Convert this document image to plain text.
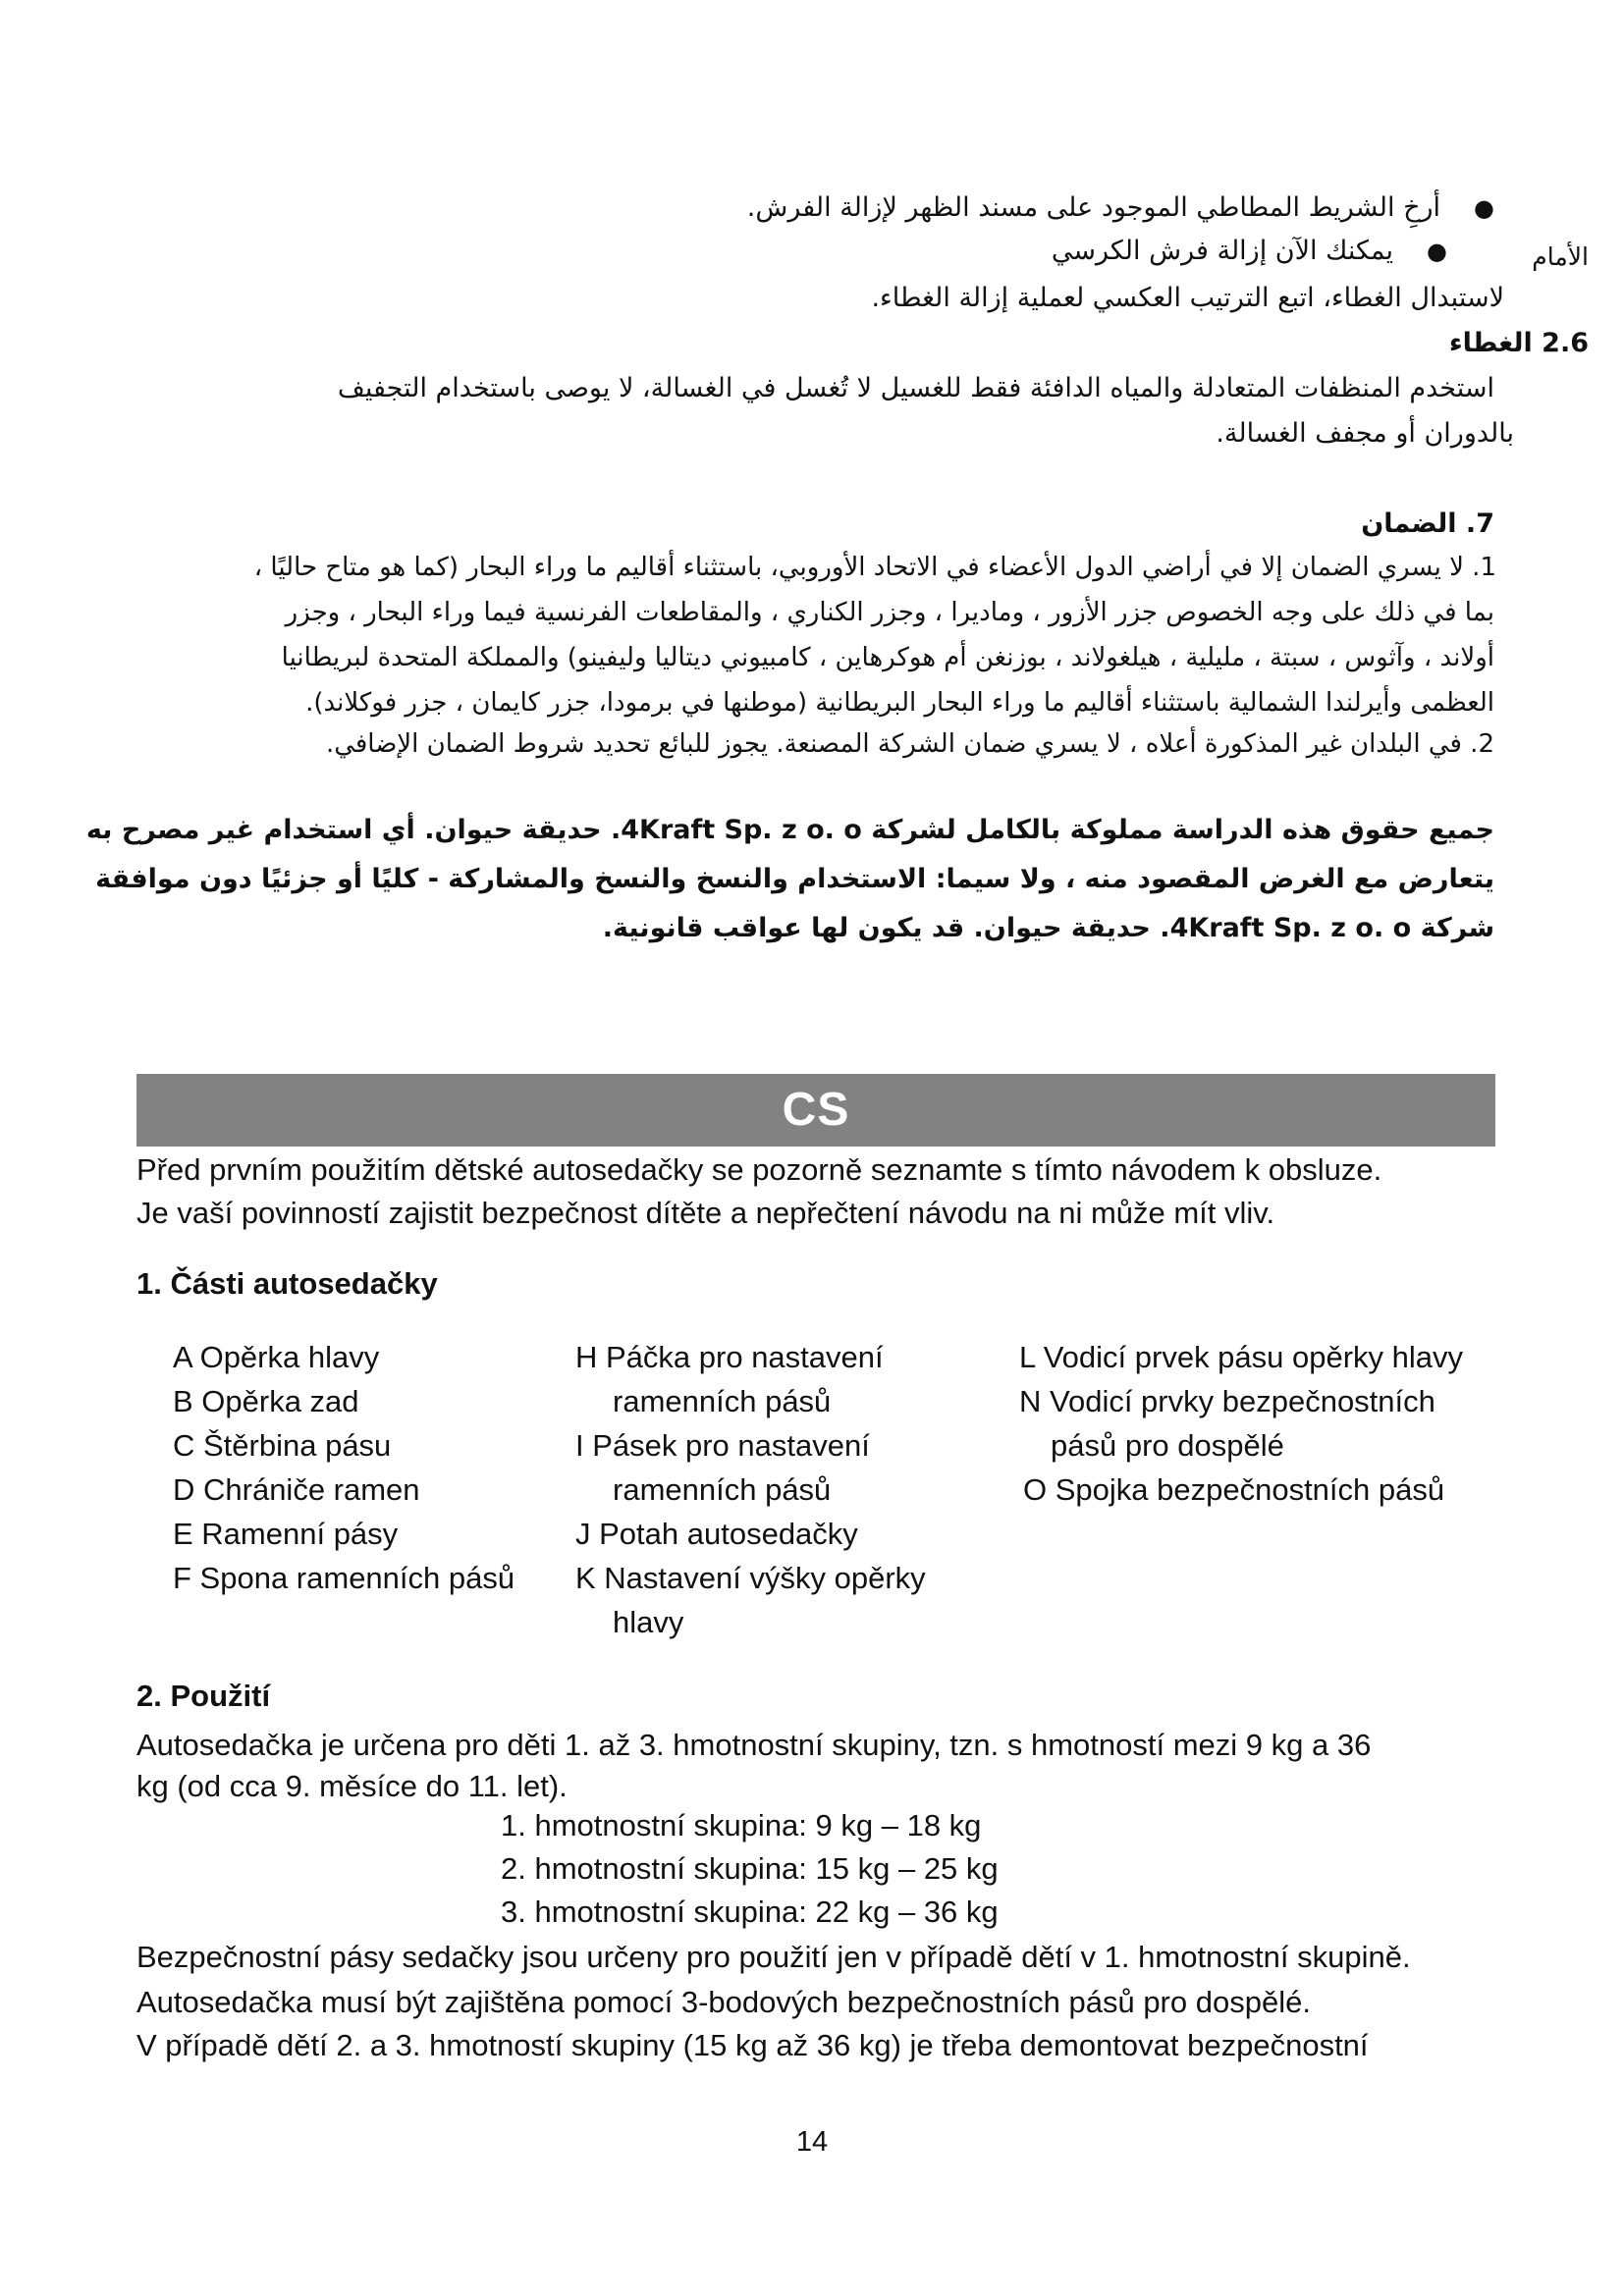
●أرخِ الشريط المطاطي الموجود على مسند الظهر لإزالة الفرش.
●يمكنك الآن إزالة فرش الكرسي	الأمام
لاستبدال الغطاء، اتبع الترتيب العكسي لعملية إزالة الغطاء.
2.6 الغطاء
استخدم المنظفات المتعادلة والمياه الدافئة فقط للغسيل لا تُغسل في الغسالة، لا يوصى باستخدام التجفيف
بالدوران أو مجفف الغسالة.
7. الضمان
1. لا يسري الضمان إلا في أراضي الدول الأعضاء في الاتحاد الأوروبي، باستثناء أقاليم ما وراء البحار (كما هو متاح حاليًا ،
بما في ذلك على وجه الخصوص جزر الأزور ، وماديرا ، وجزر الكناري ، والمقاطعات الفرنسية فيما وراء البحار ، وجزر
أولاند ، وآثوس ، سبتة ، مليلية ، هيلغولاند ، بوزنغن أم هوكرهاين ، كامبيوني ديتاليا وليفينو) والمملكة المتحدة لبريطانيا
العظمى وأيرلندا الشمالية باستثناء أقاليم ما وراء البحار البريطانية (موطنها في برمودا، جزر كايمان ، جزر فوكلاند).
2. في البلدان غير المذكورة أعلاه ، لا يسري ضمان الشركة المصنعة. يجوز للبائع تحديد شروط الضمان الإضافي.
جميع حقوق هذه الدراسة مملوكة بالكامل لشركة 4Kraft Sp. z o. o. حديقة حيوان. أي استخدام غير مصرح به
يتعارض مع الغرض المقصود منه ، ولا سيما: الاستخدام والنسخ والنسخ والمشاركة - كليًا أو جزئيًا دون موافقة
شركة 4Kraft Sp. z o. o. حديقة حيوان. قد يكون لها عواقب قانونية.
CS
Před prvním použitím dětské autosedačky se pozorně seznamte s tímto návodem k obsluze.
Je vaší povinností zajistit bezpečnost dítěte a nepřečtení návodu na ni může mít vliv.
1. Části autosedačky
A Opěrka hlavy
B Opěrka zad
C Štěrbina pásu
D Chrániče ramen
E Ramenní pásy
F Spona ramenních pásů
H Páčka pro nastavení
ramenních pásů
I Pásek pro nastavení
ramenních pásů
J Potah autosedačky
K Nastavení výšky opěrky
hlavy
L Vodicí prvek pásu opěrky hlavy
N Vodicí prvky bezpečnostních
pásů pro dospělé
O Spojka bezpečnostních pásů
2. Použití
Autosedačka je určena pro děti 1. až 3. hmotnostní skupiny, tzn. s hmotností mezi 9 kg a 36
kg (od cca 9. měsíce do 11. let).
1. hmotnostní skupina: 9 kg – 18 kg
2. hmotnostní skupina: 15 kg – 25 kg
3. hmotnostní skupina: 22 kg – 36 kg
Bezpečnostní pásy sedačky jsou určeny pro použití jen v případě dětí v 1. hmotnostní skupině.
Autosedačka musí být zajištěna pomocí 3-bodových bezpečnostních pásů pro dospělé.
V případě dětí 2. a 3. hmotností skupiny (15 kg až 36 kg) je třeba demontovat bezpečnostní
14
